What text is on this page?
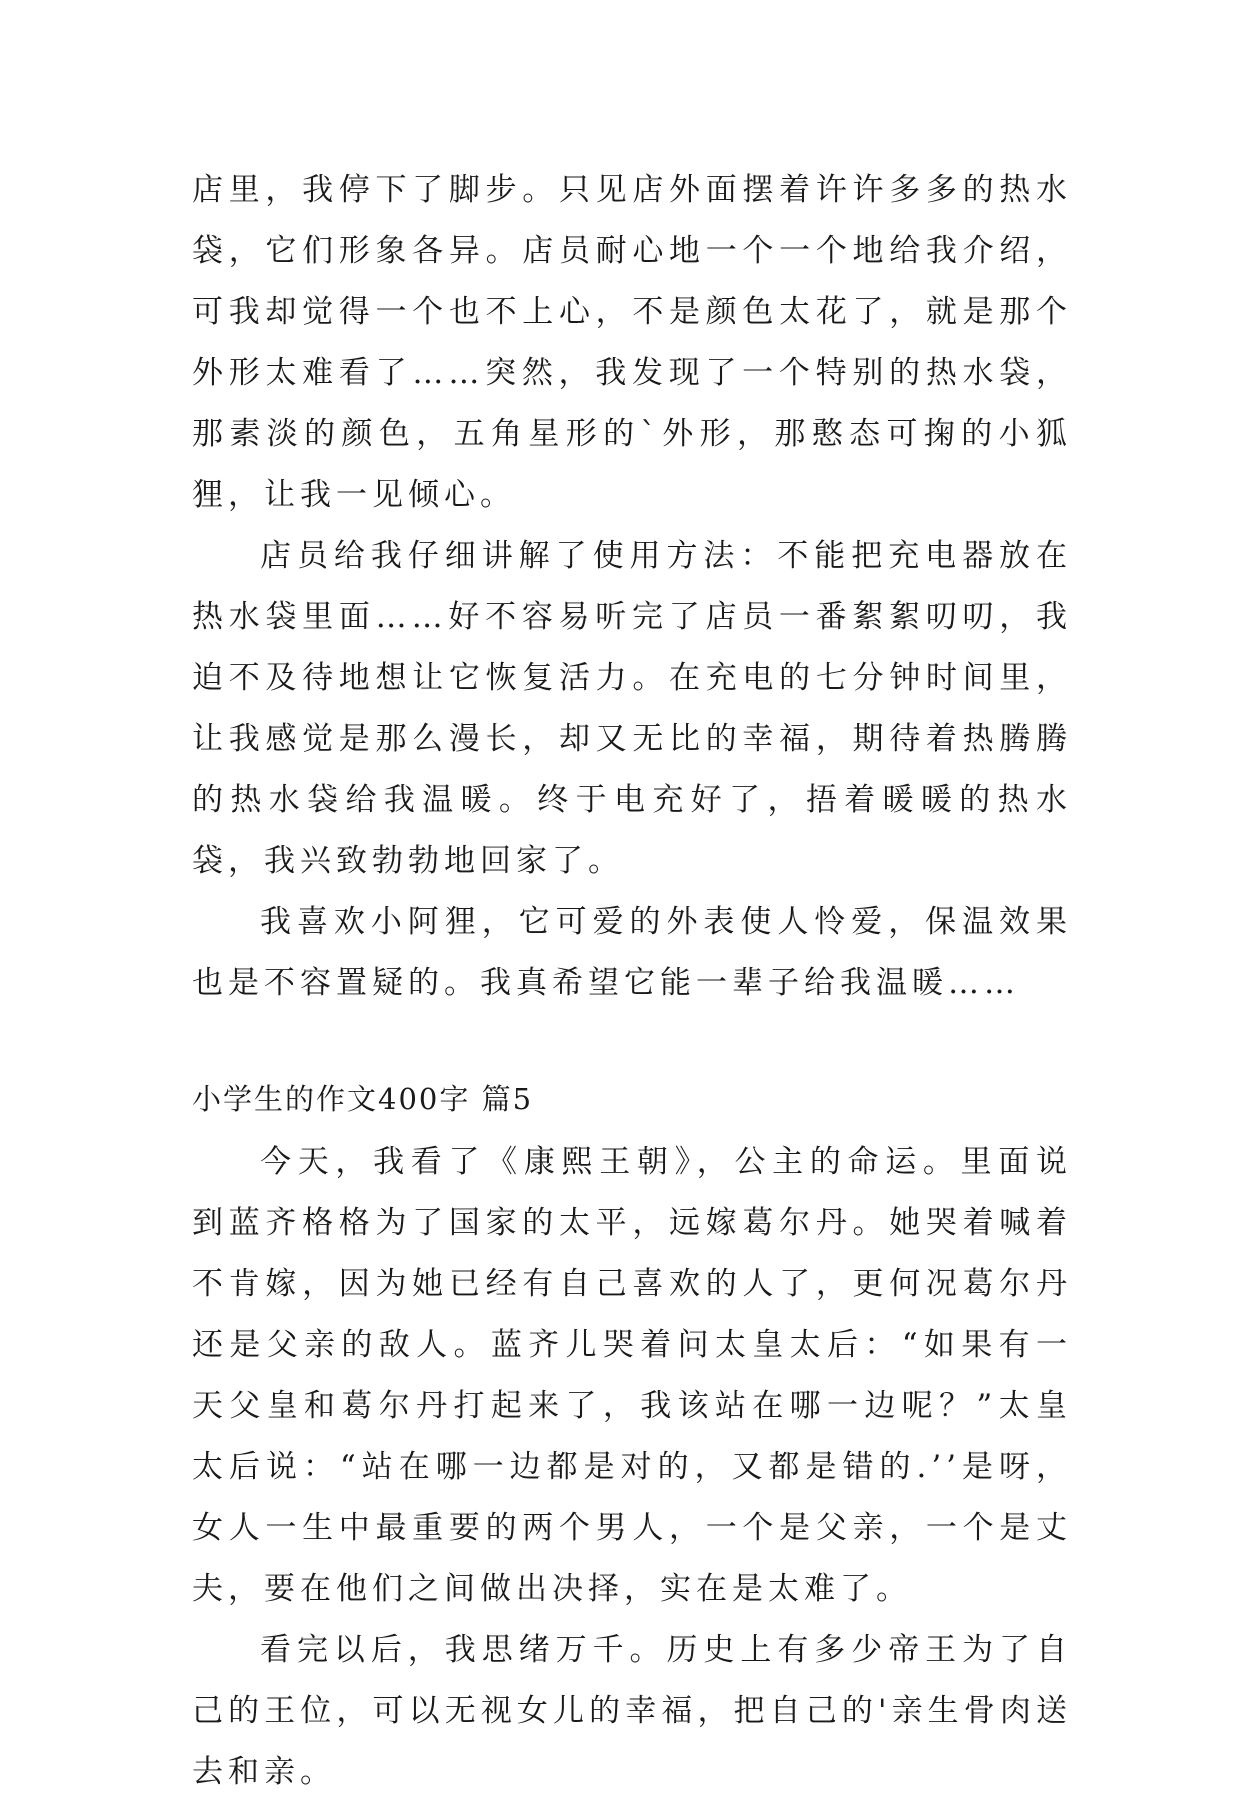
店里，我停下了脚步。只见店外面摆着许许多多的热水袋，它们形象各异。店员耐心地一个一个地给我介绍，可我却觉得一个也不上心，不是颜色太花了，就是那个外形太难看了……突然，我发现了一个特别的热水袋，那素淡的颜色，五角星形的`外形，那憨态可掬的小狐狸，让我一见倾心。

店员给我仔细讲解了使用方法：不能把充电器放在热水袋里面……好不容易听完了店员一番絮絮叨叨，我迫不及待地想让它恢复活力。在充电的七分钟时间里，让我感觉是那么漫长，却又无比的幸福，期待着热腾腾的热水袋给我温暖。终于电充好了，捂着暖暖的热水袋，我兴致勃勃地回家了。

我喜欢小阿狸，它可爱的外表使人怜爱，保温效果也是不容置疑的。我真希望它能一辈子给我温暖……

小学生的作文400字 篇5

今天，我看了《康熙王朝》，公主的命运。里面说到蓝齐格格为了国家的太平，远嫁葛尔丹。她哭着喊着不肯嫁，因为她已经有自己喜欢的人了，更何况葛尔丹还是父亲的敌人。蓝齐儿哭着问太皇太后：“如果有一天父皇和葛尔丹打起来了，我该站在哪一边呢？”太皇太后说：“站在哪一边都是对的，又都是错的.’’是呀，女人一生中最重要的两个男人，一个是父亲，一个是丈夫，要在他们之间做出决择，实在是太难了。

看完以后，我思绪万千。历史上有多少帝王为了自己的王位，可以无视女儿的幸福，把自己的'亲生骨肉送去和亲。
